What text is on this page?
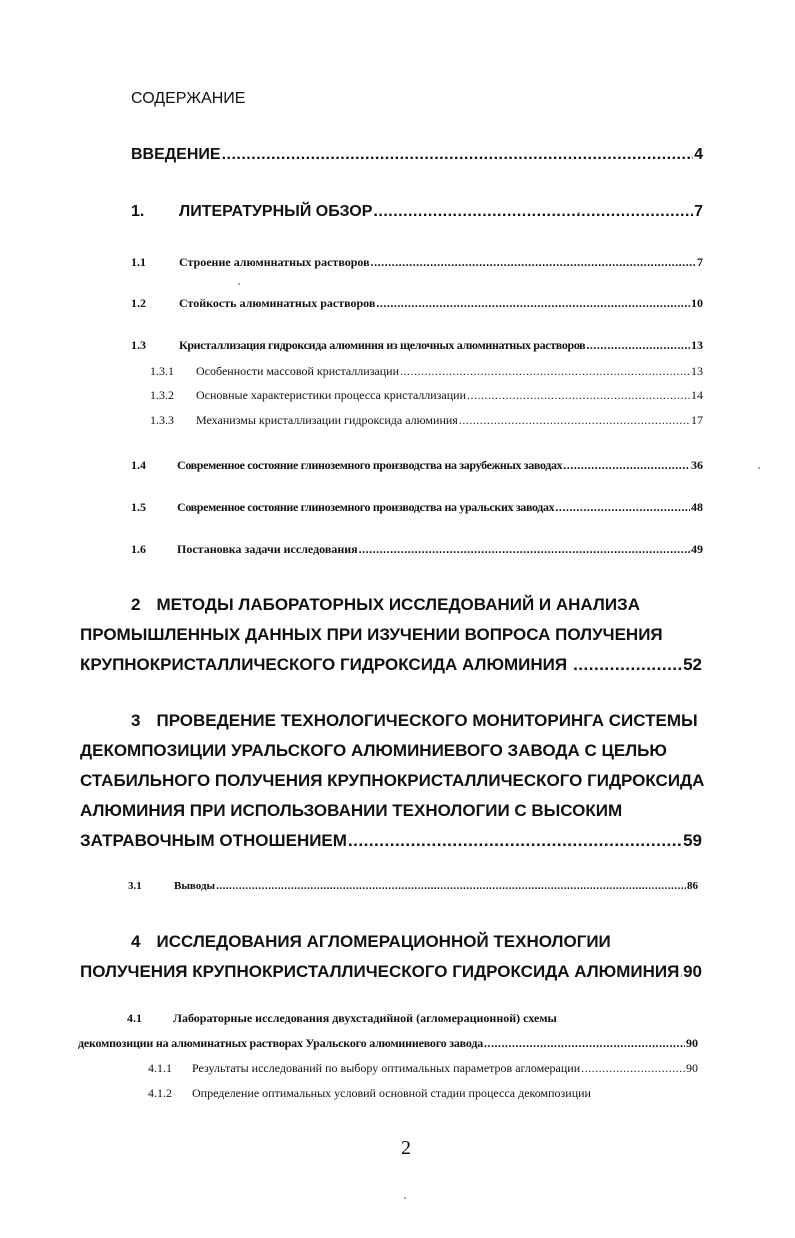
СОДЕРЖАНИЕ
ВВЕДЕНИЕ .....	4
1.	ЛИТЕРАТУРНЫЙ ОБЗОР .....	7
1.1	Строение алюминатных растворов .....	7
1.2	Стойкость алюминатных растворов .....	10
1.3	Кристаллизация гидроксида алюминия из щелочных алюминатных растворов .....	13
1.3.1	Особенности массовой кристаллизации .....	13
1.3.2	Основные характеристики процесса кристаллизации .....	14
1.3.3	Механизмы кристаллизации гидроксида алюминия .....	17
1.4	Современное состояние глиноземного производства на зарубежных заводах .....	36
1.5	Современное состояние глиноземного производства на уральских заводах .....	48
1.6	Постановка задачи исследования .....	49
2 МЕТОДЫ ЛАБОРАТОРНЫХ ИССЛЕДОВАНИЙ И АНАЛИЗА
ПРОМЫШЛЕННЫХ ДАННЫХ ПРИ ИЗУЧЕНИИ ВОПРОСА ПОЛУЧЕНИЯ
КРУПНОКРИСТАЛЛИЧЕСКОГО ГИДРОКСИДА АЛЮМИНИЯ .....	52
3 ПРОВЕДЕНИЕ ТЕХНОЛОГИЧЕСКОГО МОНИТОРИНГА СИСТЕМЫ
ДЕКОМПОЗИЦИИ УРАЛЬСКОГО АЛЮМИНИЕВОГО ЗАВОДА С ЦЕЛЬЮ
СТАБИЛЬНОГО ПОЛУЧЕНИЯ КРУПНОКРИСТАЛЛИЧЕСКОГО ГИДРОКСИДА
АЛЮМИНИЯ ПРИ ИСПОЛЬЗОВАНИИ ТЕХНОЛОГИИ С ВЫСОКИМ
ЗАТРАВОЧНЫМ ОТНОШЕНИЕМ .....	59
3.1	Выводы .....	86
4 ИССЛЕДОВАНИЯ АГЛОМЕРАЦИОННОЙ ТЕХНОЛОГИИ
ПОЛУЧЕНИЯ КРУПНОКРИСТАЛЛИЧЕСКОГО ГИДРОКСИДА АЛЮМИНИЯ ..... 90
4.1	Лабораторные исследования двухстадийной (агломерационной) схемы
декомпозиции на алюминатных растворах Уральского алюминиевого завода .....	90
4.1.1	Результаты исследований по выбору оптимальных параметров агломерации .....	90
4.1.2 Определение оптимальных условий основной стадии процесса декомпозиции
2
